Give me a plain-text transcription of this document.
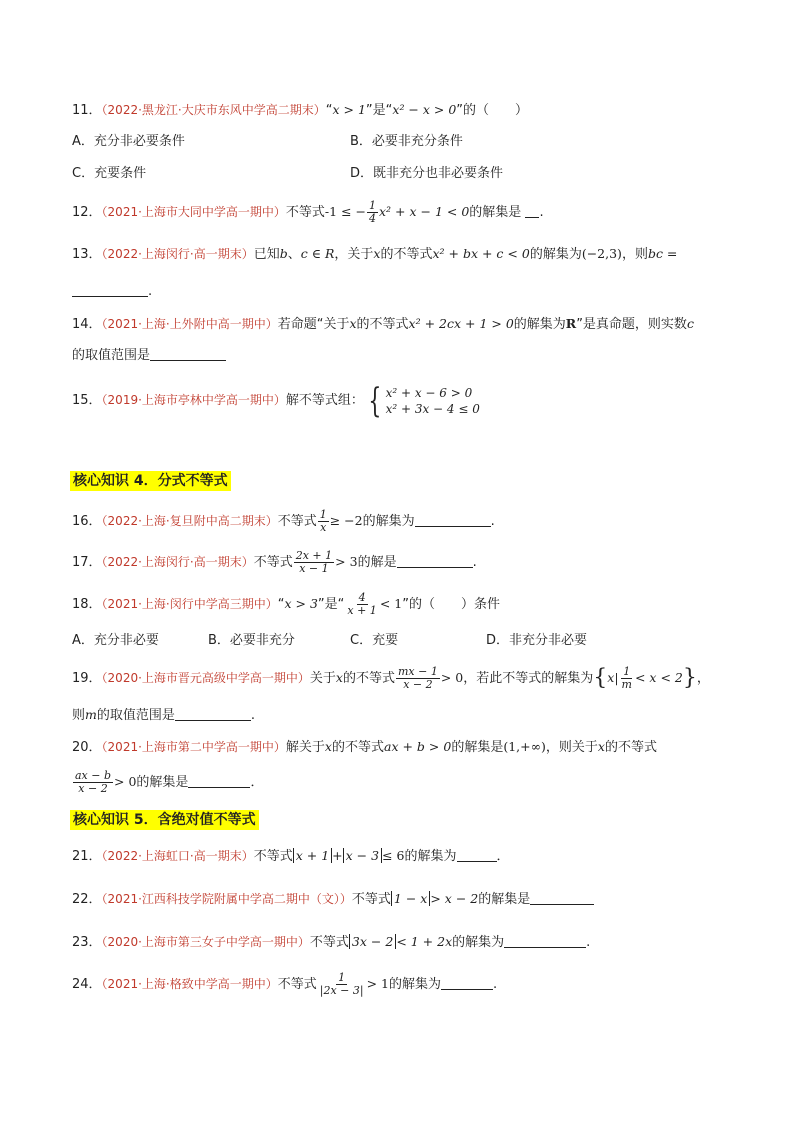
11．（2022·黑龙江·大庆市东风中学高二期末）“x > 1”是“x² − x > 0”的（　　）
A．充分非必要条件	B．必要非充分条件
C．充要条件	D．既非充分也非必要条件
12．（2021·上海市大同中学高一期中）不等式-1 ≤ − $\frac{1}{4} x^2 + x - 1 < 0$的解集是 .
13．（2022·上海闵行·高一期末）已知b、c ∈ R，关于x的不等式x² + bx + c < 0的解集为(−2,3)，则bc =
.
14．（2021·上海·上外附中高一期中）若命题“关于x的不等式x² + 2cx + 1 > 0的解集为R”是真命题，则实数c
的取值范围是
15．（2019·上海市亭林中学高一期中）解不等式组： { x² + x − 6 > 0
x² + 3x − 4 ≤ 0
核心知识 4．分式不等式
16．（2022·上海·复旦附中高二期末）不等式 $\frac{1}{x} \ge -2$的解集为	.
17．（2022·上海闵行·高一期末）不等式 $\frac{2x + 1}{x - 1} > 3$的解是	.
18．（2021·上海·闵行中学高三期中）“x > 3”是“ $\frac{4}{x + 1} < 1$”的（　　）条件
A．充分非必要	B．必要非充分	C．充要	D．非充分非必要
19．（2020·上海市晋元高级中学高一期中）关于x的不等式 $\frac{mx - 1}{x - 2} > 0$，若此不等式的解集为$\{x| \frac{1}{m} < x < 2\}$，
则m的取值范围是	.
20．（2021·上海市第二中学高一期中）解关于x的不等式ax + b > 0的解集是(1,+∞)，则关于x的不等式
$\frac{ax - b}{x - 2} > 0$的解集是	．
核心知识 5．含绝对值不等式
21．（2022·上海虹口·高一期末）不等式 x + 1 + x − 3 ≤ 6的解集为	．
22．（2021·江西科技学院附属中学高二期中（文））不等式 1 − x > x − 2的解集是
23．（2020·上海市第三女子中学高一期中）不等式 3x − 2 < 1 + 2x的解集为	.
24．（2021·上海·格致中学高一期中）不等式 $\frac{1}{|2x - 3|} > 1$的解集为	.
